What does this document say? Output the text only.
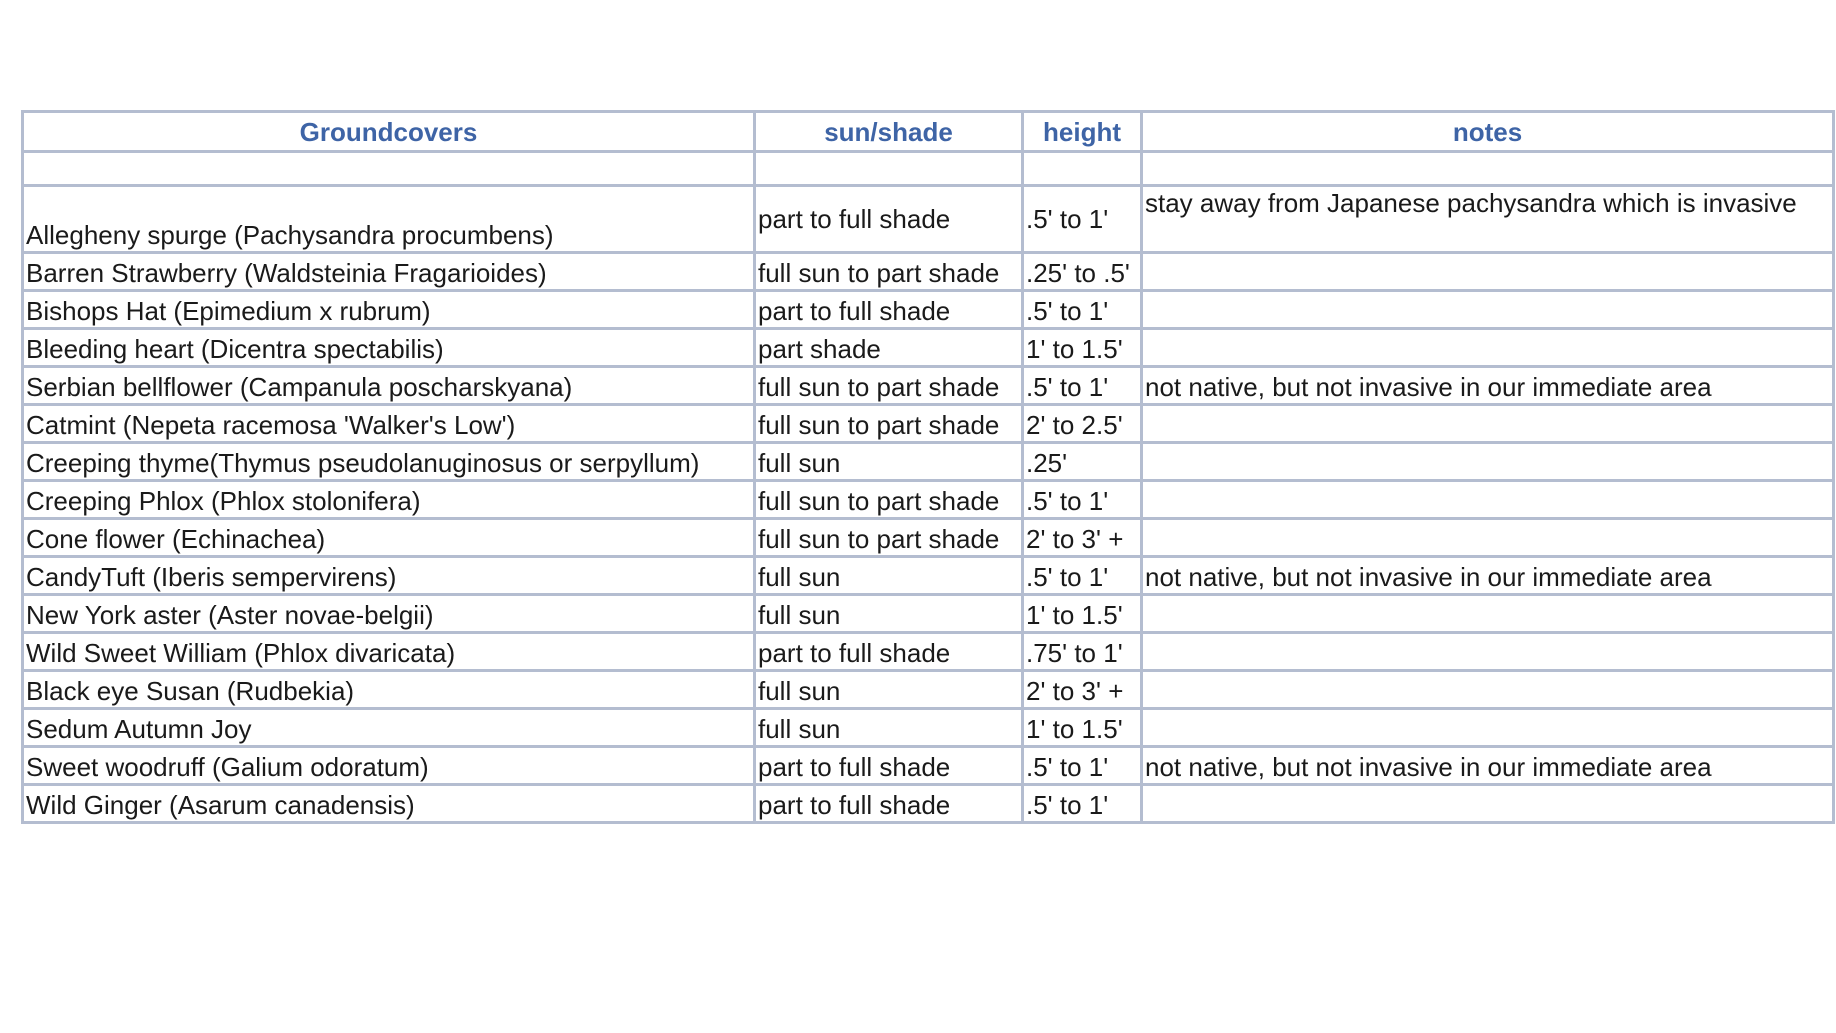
Groundcovers	sun/shade	height	notes

Allegheny spurge (Pachysandra procumbens)	part to full shade	.5' to 1'	stay away from Japanese pachysandra which is invasive
Barren Strawberry (Waldsteinia Fragarioides)	full sun to part shade	.25' to .5'	
Bishops Hat (Epimedium x rubrum)	part to full shade	.5' to 1'	
Bleeding heart (Dicentra spectabilis)	part shade	1' to 1.5'	
Serbian bellflower (Campanula poscharskyana)	full sun to part shade	.5' to 1'	not native, but not invasive in our immediate area
Catmint (Nepeta racemosa 'Walker's Low')	full sun to part shade	2' to 2.5'	
Creeping thyme(Thymus pseudolanuginosus or serpyllum)	full sun	.25'	
Creeping Phlox (Phlox stolonifera)	full sun to part shade	.5' to 1'	
Cone flower (Echinachea)	full sun to part shade	2' to 3' +	
CandyTuft (Iberis sempervirens)	full sun	.5' to 1'	not native, but not invasive in our immediate area
New York aster (Aster novae-belgii)	full sun	1' to 1.5'	
Wild Sweet William (Phlox divaricata)	part to full shade	.75' to 1'	
Black eye Susan (Rudbekia)	full sun	2' to 3' +	
Sedum Autumn Joy	full sun	1' to 1.5'	
Sweet woodruff (Galium odoratum)	part to full shade	.5' to 1'	not native, but not invasive in our immediate area
Wild Ginger (Asarum canadensis)	part to full shade	.5' to 1'	
